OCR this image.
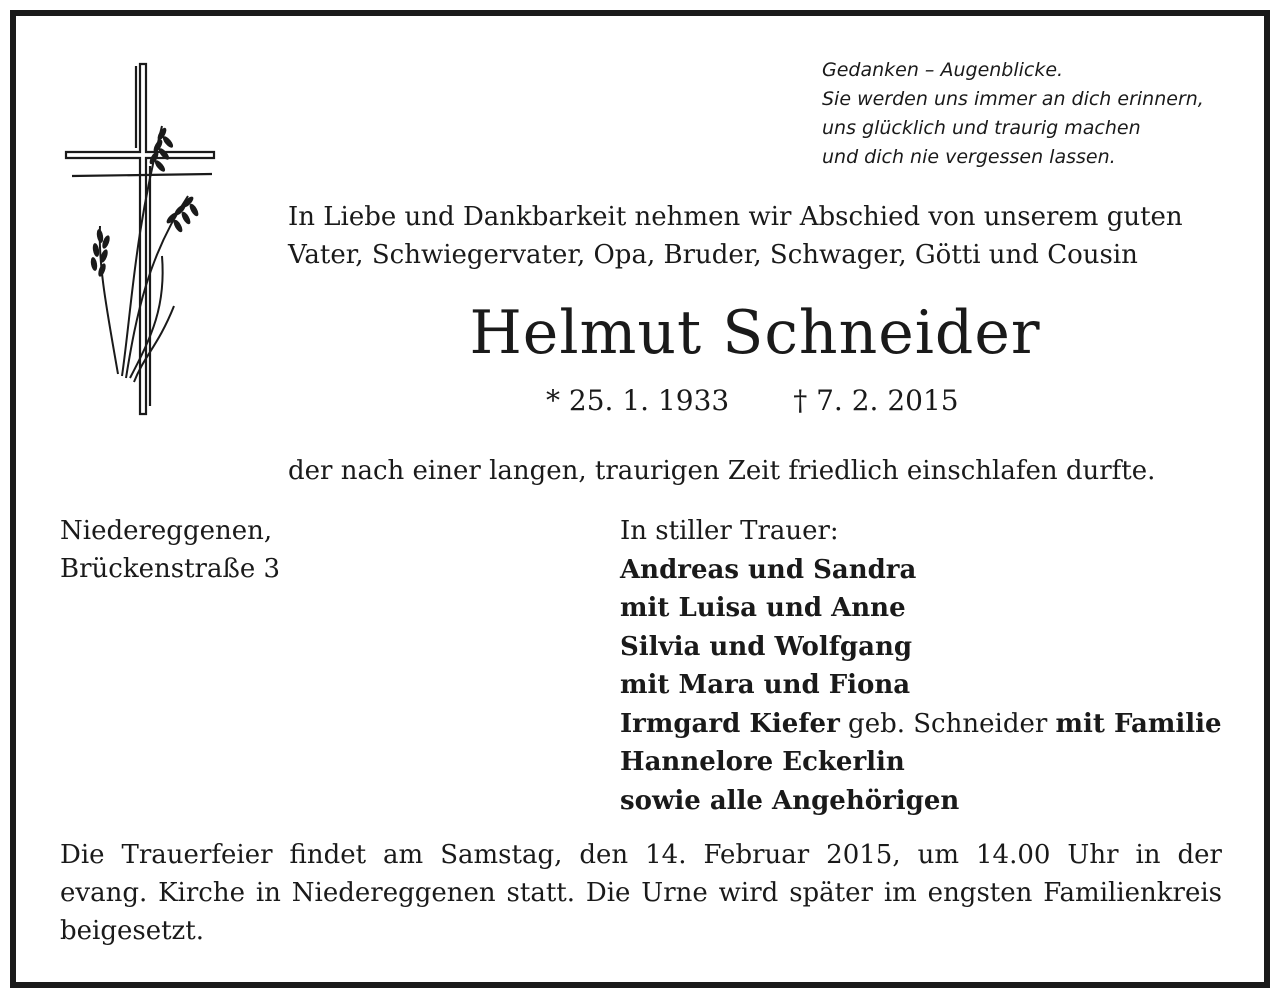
Gedanken – Augenblicke.
Sie werden uns immer an dich erinnern,
uns glücklich und traurig machen
und dich nie vergessen lassen.
In Liebe und Dankbarkeit nehmen wir Abschied von unserem guten
Vater, Schwiegervater, Opa, Bruder, Schwager, Götti und Cousin
Helmut Schneider
* 25. 1. 1933 † 7. 2. 2015
der nach einer langen, traurigen Zeit friedlich einschlafen durfte.
Niedereggenen,
Brückenstraße 3
In stiller Trauer:
Andreas und Sandra
mit Luisa und Anne
Silvia und Wolfgang
mit Mara und Fiona
Irmgard Kiefer geb. Schneider mit Familie
Hannelore Eckerlin
sowie alle Angehörigen
Die Trauerfeier findet am Samstag, den 14. Februar 2015, um 14.00 Uhr in der
evang. Kirche in Niedereggenen statt. Die Urne wird später im engsten Familienkreis
beigesetzt.
